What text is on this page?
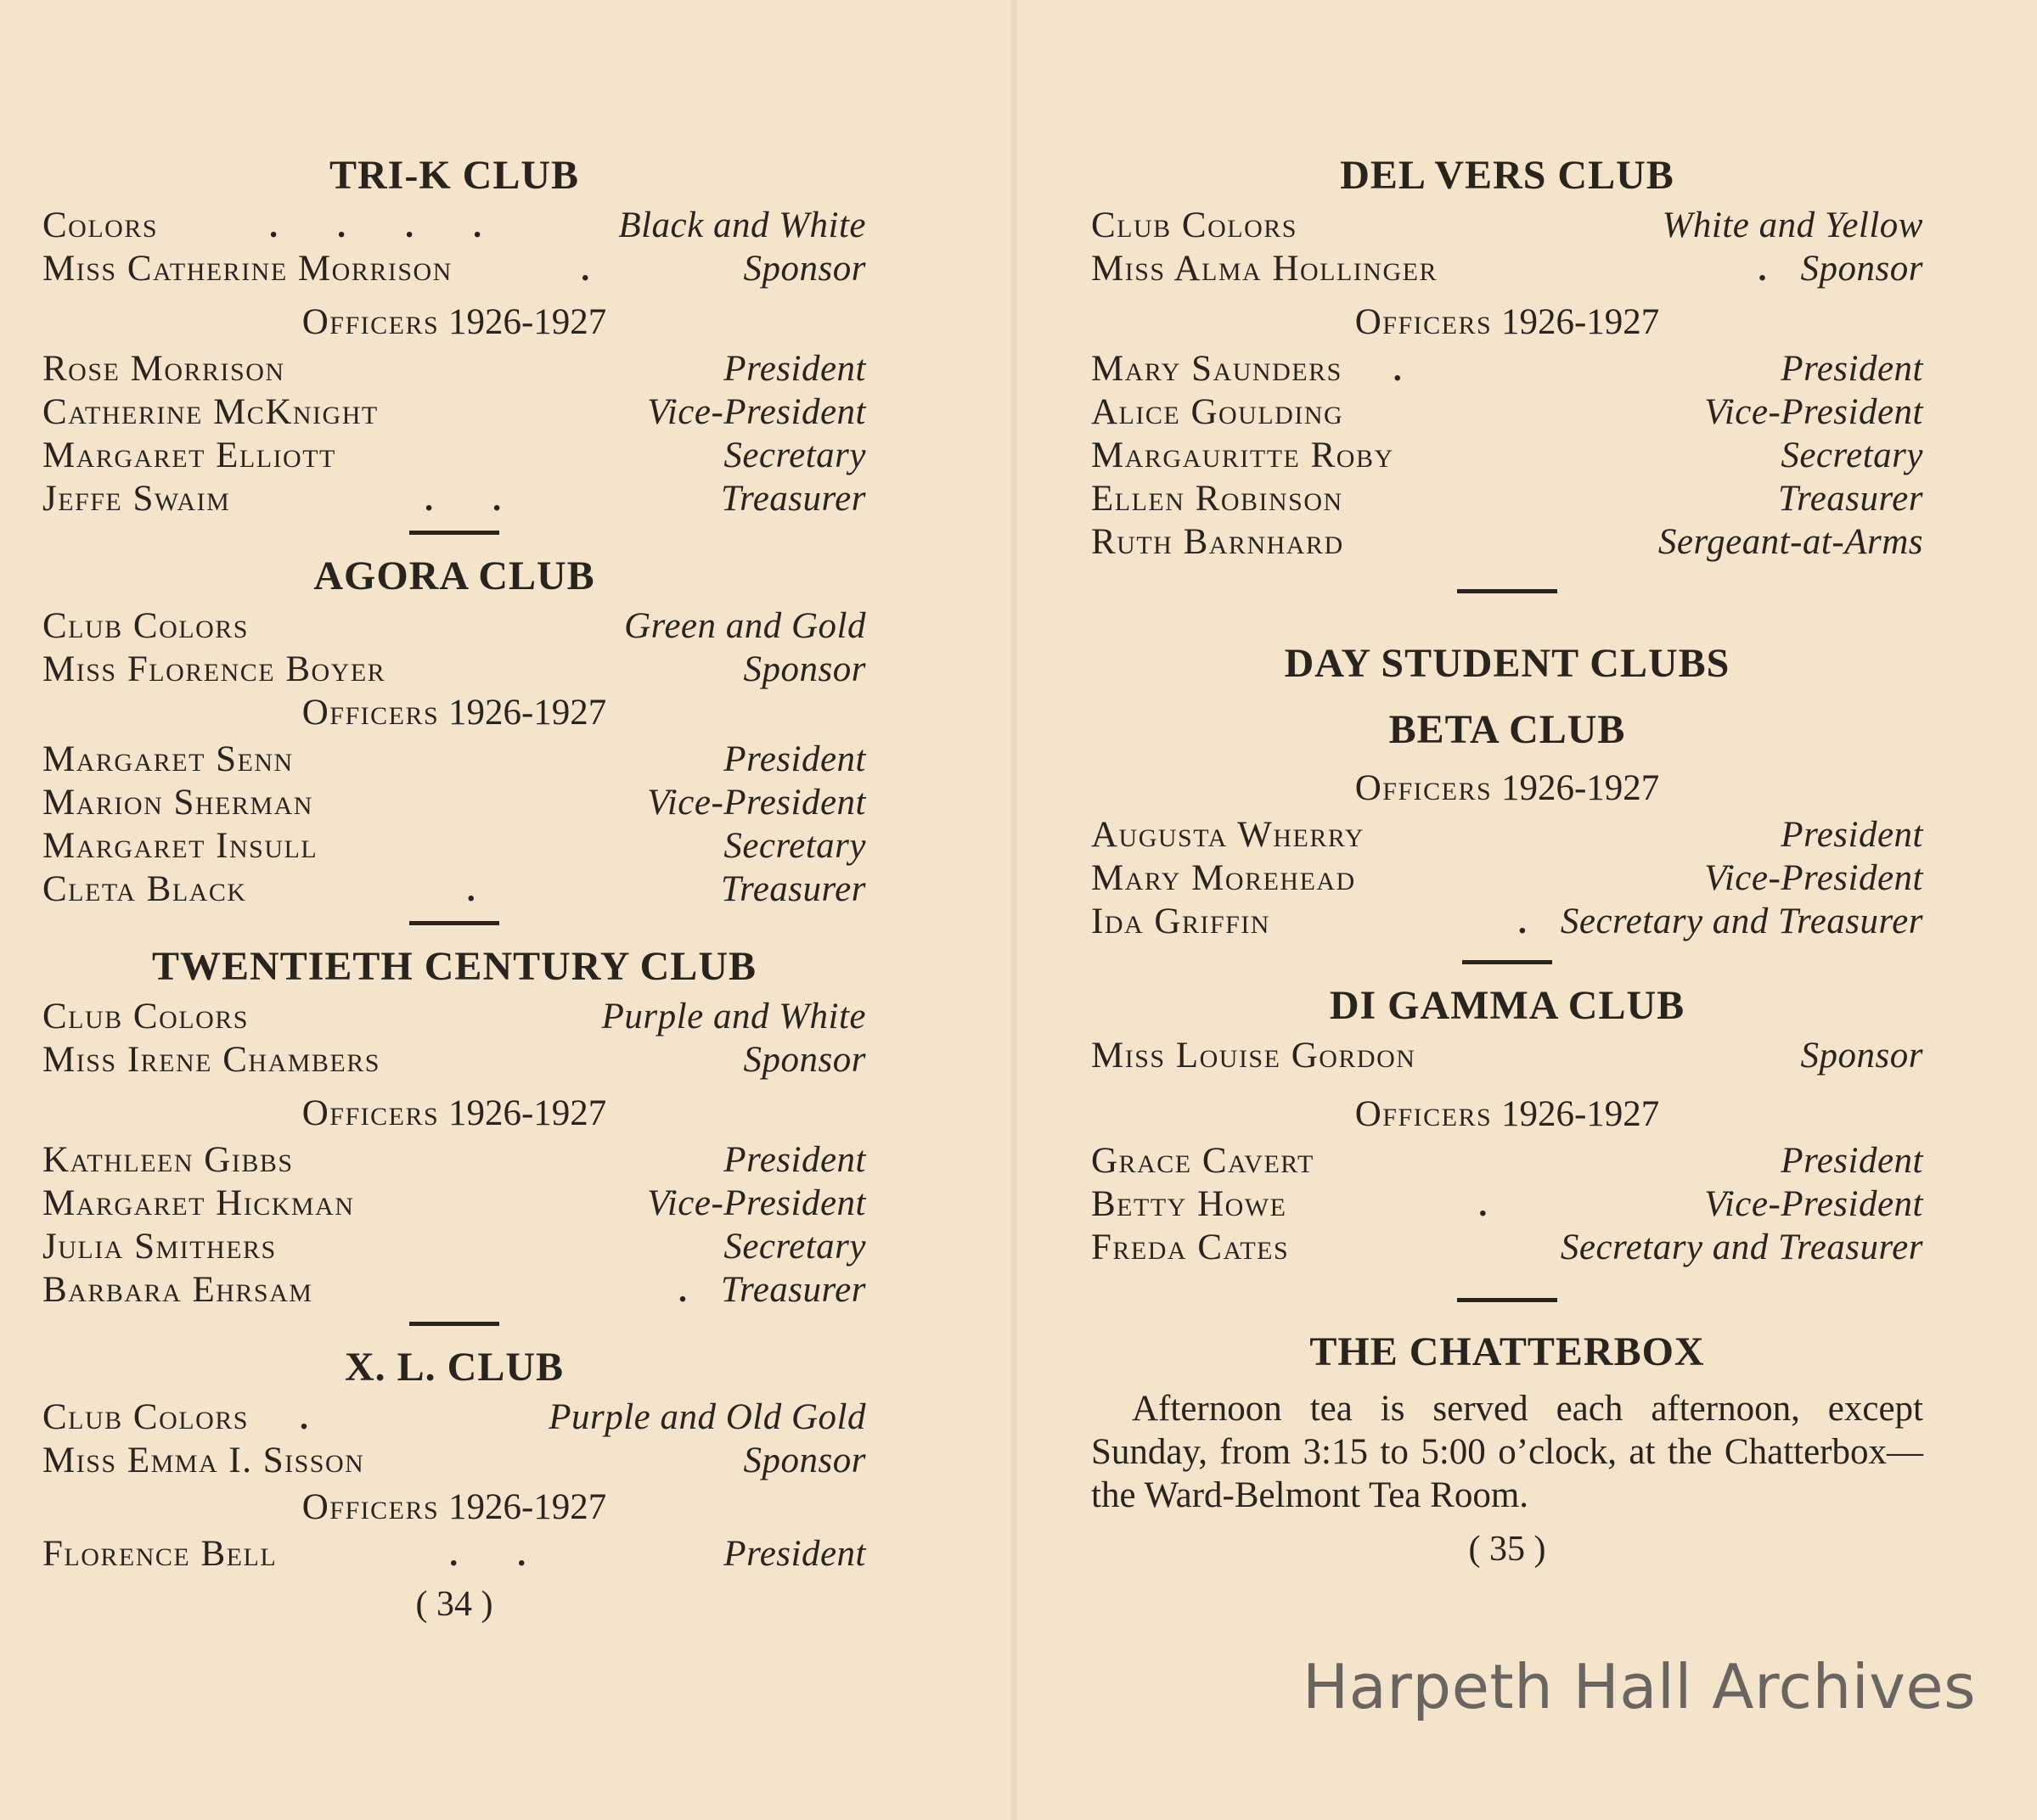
TRI-K CLUB
Colors	. . . .	Black and White
Miss Catherine Morrison	.	Sponsor
Officers 1926-1927
Rose Morrison	President
Catherine McKnight	Vice-President
Margaret Elliott	Secretary
Jeffe Swaim	. .	Treasurer
AGORA CLUB
Club Colors	Green and Gold
Miss Florence Boyer	Sponsor
Officers 1926-1927
Margaret Senn	President
Marion Sherman	Vice-President
Margaret Insull	Secretary
Cleta Black	.	Treasurer
TWENTIETH CENTURY CLUB
Club Colors	Purple and White
Miss Irene Chambers	Sponsor
Officers 1926-1927
Kathleen Gibbs	President
Margaret Hickman	Vice-President
Julia Smithers	Secretary
Barbara Ehrsam	. Treasurer
X. L. CLUB
Club Colors	.	Purple and Old Gold
Miss Emma I. Sisson	Sponsor
Officers 1926-1927
Florence Bell	. .	President
( 34 )
DEL VERS CLUB
Club Colors	White and Yellow
Miss Alma Hollinger	. Sponsor
Officers 1926-1927
Mary Saunders	.	President
Alice Goulding	Vice-President
Margauritte Roby	Secretary
Ellen Robinson	Treasurer
Ruth Barnhard	Sergeant-at-Arms
DAY STUDENT CLUBS
BETA CLUB
Officers 1926-1927
Augusta Wherry	President
Mary Morehead	Vice-President
Ida Griffin	. Secretary and Treasurer
DI GAMMA CLUB
Miss Louise Gordon	Sponsor
Officers 1926-1927
Grace Cavert	President
Betty Howe	.	Vice-President
Freda Cates	Secretary and Treasurer
THE CHATTERBOX

Afternoon tea is served each afternoon, except Sunday, from 3:15 to 5:00 o’clock, at the Chatterbox—the Ward-Belmont Tea Room.

( 35 )
Harpeth Hall Archives
